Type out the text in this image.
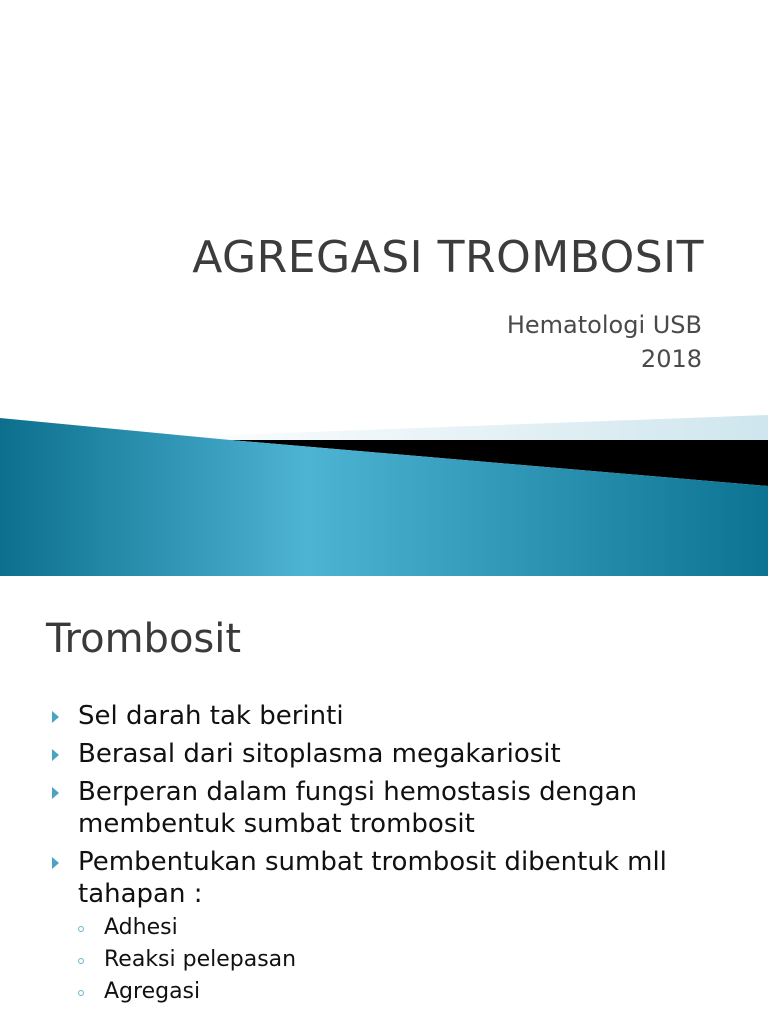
AGREGASI TROMBOSIT
Hematologi USB
2018
Trombosit
Sel darah tak berinti
Berasal dari sitoplasma megakariosit
Berperan dalam fungsi hemostasis dengan membentuk sumbat trombosit
Pembentukan sumbat trombosit dibentuk mll tahapan :
Adhesi
Reaksi pelepasan
Agregasi
